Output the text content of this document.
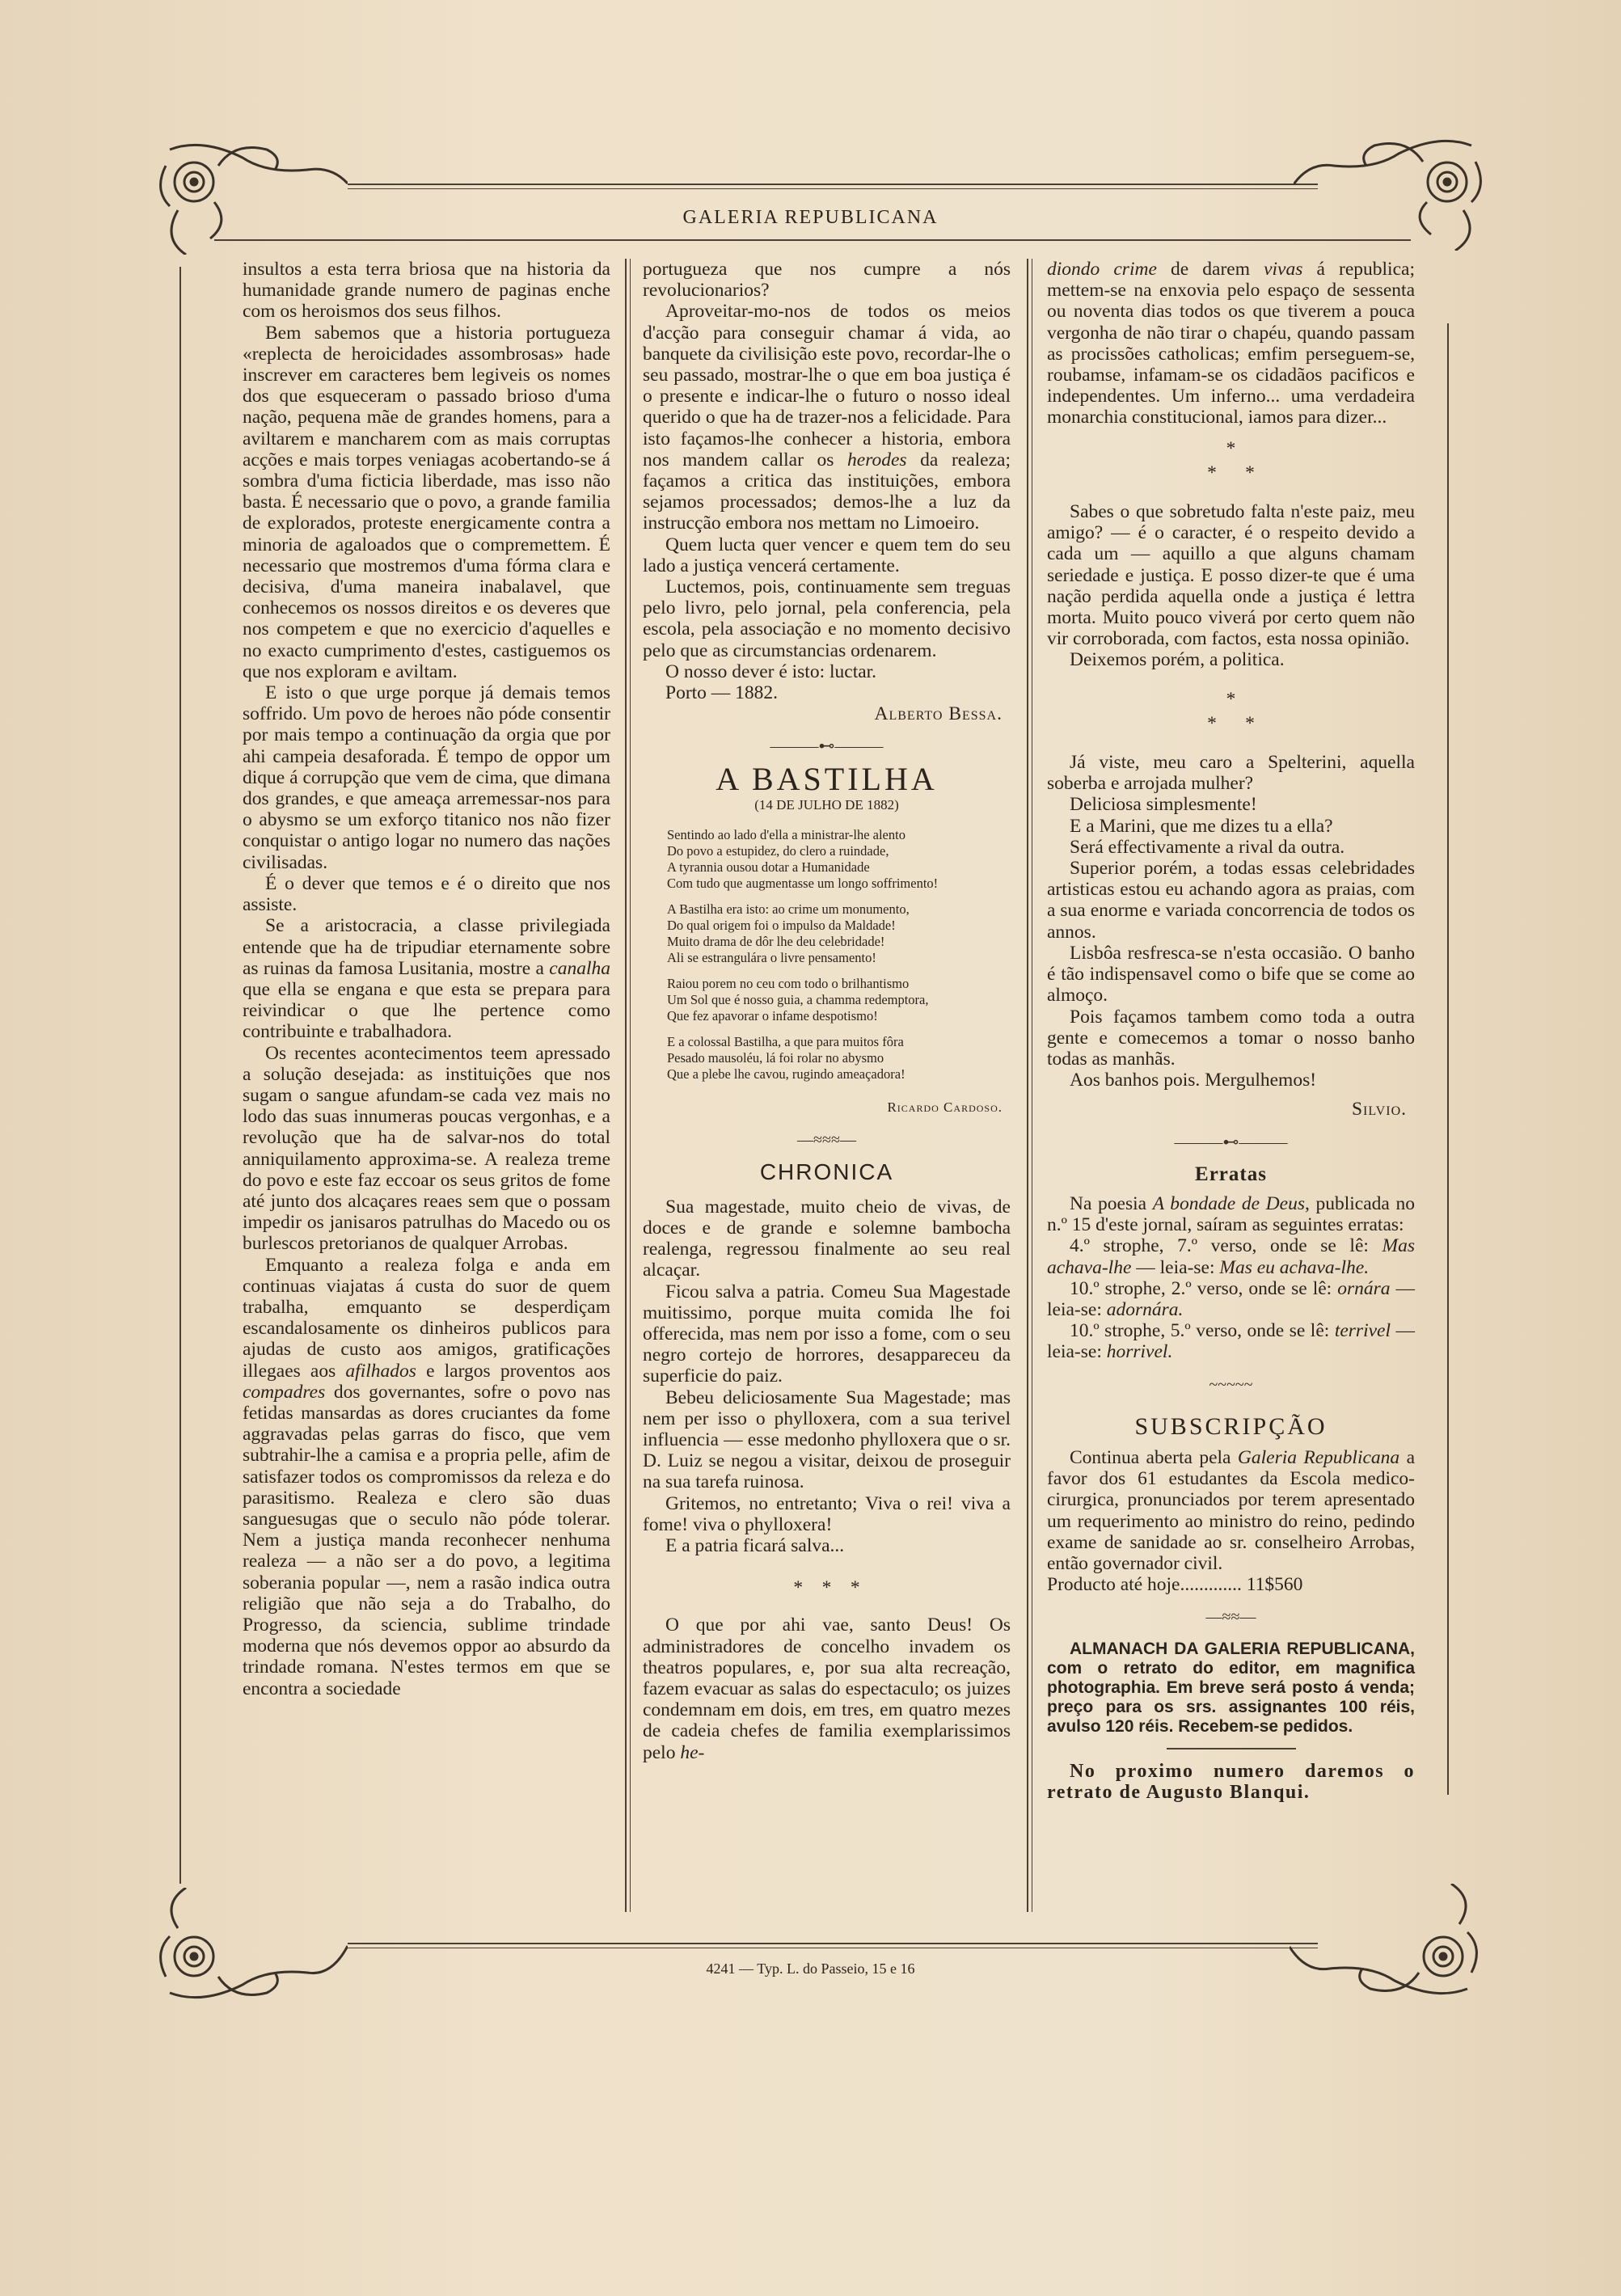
GALERIA REPUBLICANA

insultos a esta terra briosa que na historia da humanidade grande numero de paginas enche com os heroismos dos seus filhos.

Bem sabemos que a historia portugueza «replecta de heroicidades assombrosas» hade inscrever em caracteres bem legiveis os nomes dos que esqueceram o passado brioso d'uma nação, pequena mãe de grandes homens, para a aviltarem e mancharem com as mais corruptas acções e mais torpes veniagas acobertando-se á sombra d'uma ficticia liberdade, mas isso não basta. É necessario que o povo, a grande familia de explorados, proteste energicamente contra a minoria de agaloados que o compremettem. É necessario que mostremos d'uma fórma clara e decisiva, d'uma maneira inabalavel, que conhecemos os nossos direitos e os deveres que nos competem e que no exercicio d'aquelles e no exacto cumprimento d'estes, castiguemos os que nos exploram e aviltam.

E isto o que urge porque já demais temos soffrido. Um povo de heroes não póde consentir por mais tempo a continuação da orgia que por ahi campeia desaforada. É tempo de oppor um dique á corrupção que vem de cima, que dimana dos grandes, e que ameaça arremessar-nos para o abysmo se um exforço titanico nos não fizer conquistar o antigo logar no numero das nações civilisadas.

É o dever que temos e é o direito que nos assiste.

Se a aristocracia, a classe privilegiada entende que ha de tripudiar eternamente sobre as ruinas da famosa Lusitania, mostre a canalha que ella se engana e que esta se prepara para reivindicar o que lhe pertence como contribuinte e trabalhadora.

Os recentes acontecimentos teem apressado a solução desejada: as instituições que nos sugam o sangue afundam-se cada vez mais no lodo das suas innumeras poucas vergonhas, e a revolução que ha de salvar-nos do total anniquilamento approxima-se. A realeza treme do povo e este faz eccoar os seus gritos de fome até junto dos alcaçares reaes sem que o possam impedir os janisaros patrulhas do Macedo ou os burlescos pretorianos de qualquer Arrobas.

Emquanto a realeza folga e anda em continuas viajatas á custa do suor de quem trabalha, emquanto se desperdiçam escandalosamente os dinheiros publicos para ajudas de custo aos amigos, gratificações illegaes aos afilhados e largos proventos aos compadres dos governantes, sofre o povo nas fetidas mansardas as dores cruciantes da fome aggravadas pelas garras do fisco, que vem subtrahir-lhe a camisa e a propria pelle, afim de satisfazer todos os compromissos da releza e do parasitismo. Realeza e clero são duas sanguesugas que o seculo não póde tolerar. Nem a justiça manda reconhecer nenhuma realeza — a não ser a do povo, a legitima soberania popular —, nem a rasão indica outra religião que não seja a do Trabalho, do Progresso, da sciencia, sublime trindade moderna que nós devemos oppor ao absurdo da trindade romana. N'estes termos em que se encontra a sociedade

portugueza que nos cumpre a nós revolucionarios?

Aproveitar-mo-nos de todos os meios d'acção para conseguir chamar á vida, ao banquete da civilisição este povo, recordar-lhe o seu passado, mostrar-lhe o que em boa justiça é o presente e indicar-lhe o futuro o nosso ideal querido o que ha de trazer-nos a felicidade. Para isto façamos-lhe conhecer a historia, embora nos mandem callar os herodes da realeza; façamos a critica das instituições, embora sejamos processados; demos-lhe a luz da instrucção embora nos mettam no Limoeiro.

Quem lucta quer vencer e quem tem do seu lado a justiça vencerá certamente.

Luctemos, pois, continuamente sem treguas pelo livro, pelo jornal, pela conferencia, pela escola, pela associação e no momento decisivo pelo que as circumstancias ordenarem.

O nosso dever é isto: luctar.

Porto — 1882.

Alberto Bessa.
———⊷———
A BASTILHA
(14 DE JULHO DE 1882)
Sentindo ao lado d'ella a ministrar-lhe alento
Do povo a estupidez, do clero a ruindade,
A tyrannia ousou dotar a Humanidade
Com tudo que augmentasse um longo soffrimento!
A Bastilha era isto: ao crime um monumento,
Do qual origem foi o impulso da Maldade!
Muito drama de dôr lhe deu celebridade!
Ali se estrangulára o livre pensamento!
Raiou porem no ceu com todo o brilhantismo
Um Sol que é nosso guia, a chamma redemptora,
Que fez apavorar o infame despotismo!
E a colossal Bastilha, a que para muitos fôra
Pesado mausoléu, lá foi rolar no abysmo
Que a plebe lhe cavou, rugindo ameaçadora!
Ricardo Cardoso.
—≈≈≈—
CHRONICA

Sua magestade, muito cheio de vivas, de doces e de grande e solemne bambocha realenga, regressou finalmente ao seu real alcaçar.

Ficou salva a patria. Comeu Sua Magestade muitissimo, porque muita comida lhe foi offerecida, mas nem por isso a fome, com o seu negro cortejo de horrores, desappareceu da superficie do paiz.

Bebeu deliciosamente Sua Magestade; mas nem per isso o phylloxera, com a sua terivel influencia — esse medonho phylloxera que o sr. D. Luiz se negou a visitar, deixou de proseguir na sua tarefa ruinosa.

Gritemos, no entretanto; Viva o rei! viva a fome! viva o phylloxera!

E a patria ficará salva...

*    *    *

O que por ahi vae, santo Deus! Os administradores de concelho invadem os theatros populares, e, por sua alta recreação, fazem evacuar as salas do espectaculo; os juizes condemnam em dois, em tres, em quatro mezes de cadeia chefes de familia exemplarissimos pelo he-

diondo crime de darem vivas á republica; mettem-se na enxovia pelo espaço de sessenta ou noventa dias todos os que tiverem a pouca vergonha de não tirar o chapéu, quando passam as procissões catholicas; emfim perseguem-se, roubamse, infamam-se os cidadãos pacificos e independentes. Um inferno... uma verdadeira monarchia constitucional, iamos para dizer...

*
*      *

Sabes o que sobretudo falta n'este paiz, meu amigo? — é o caracter, é o respeito devido a cada um — aquillo a que alguns chamam seriedade e justiça. E posso dizer-te que é uma nação perdida aquella onde a justiça é lettra morta. Muito pouco viverá por certo quem não vir corroborada, com factos, esta nossa opinião.

Deixemos porém, a politica.

*
*      *

Já viste, meu caro a Spelterini, aquella soberba e arrojada mulher?

Deliciosa simplesmente!

E a Marini, que me dizes tu a ella?

Será effectivamente a rival da outra.

Superior porém, a todas essas celebridades artisticas estou eu achando agora as praias, com a sua enorme e variada concorrencia de todos os annos.

Lisbôa resfresca-se n'esta occasião. O banho é tão indispensavel como o bife que se come ao almoço.

Pois façamos tambem como toda a outra gente e comecemos a tomar o nosso banho todas as manhãs.

Aos banhos pois. Mergulhemos!

Silvio.
———⊷———
Erratas

Na poesia A bondade de Deus, publicada no n.º 15 d'este jornal, saíram as seguintes erratas:

4.º strophe, 7.º verso, onde se lê: Mas achava-lhe — leia-se: Mas eu achava-lhe.

10.º strophe, 2.º verso, onde se lê: ornára — leia-se: adornára.

10.º strophe, 5.º verso, onde se lê: terrivel — leia-se: horrivel.

~~~~~
SUBSCRIPÇÃO

Continua aberta pela Galeria Republicana a favor dos 61 estudantes da Escola medico-cirurgica, pronunciados por terem apresentado um requerimento ao ministro do reino, pedindo exame de sanidade ao sr. conselheiro Arrobas, então governador civil.

Producto até hoje............. 11$560

—≈≈—

ALMANACH DA GALERIA REPUBLICANA, com o retrato do editor, em magnifica photographia. Em breve será posto á venda; preço para os srs. assignantes 100 réis, avulso 120 réis. Recebem-se pedidos.

No proximo numero daremos o retrato de Augusto Blanqui.

4241 — Typ. L. do Passeio, 15 e 16
